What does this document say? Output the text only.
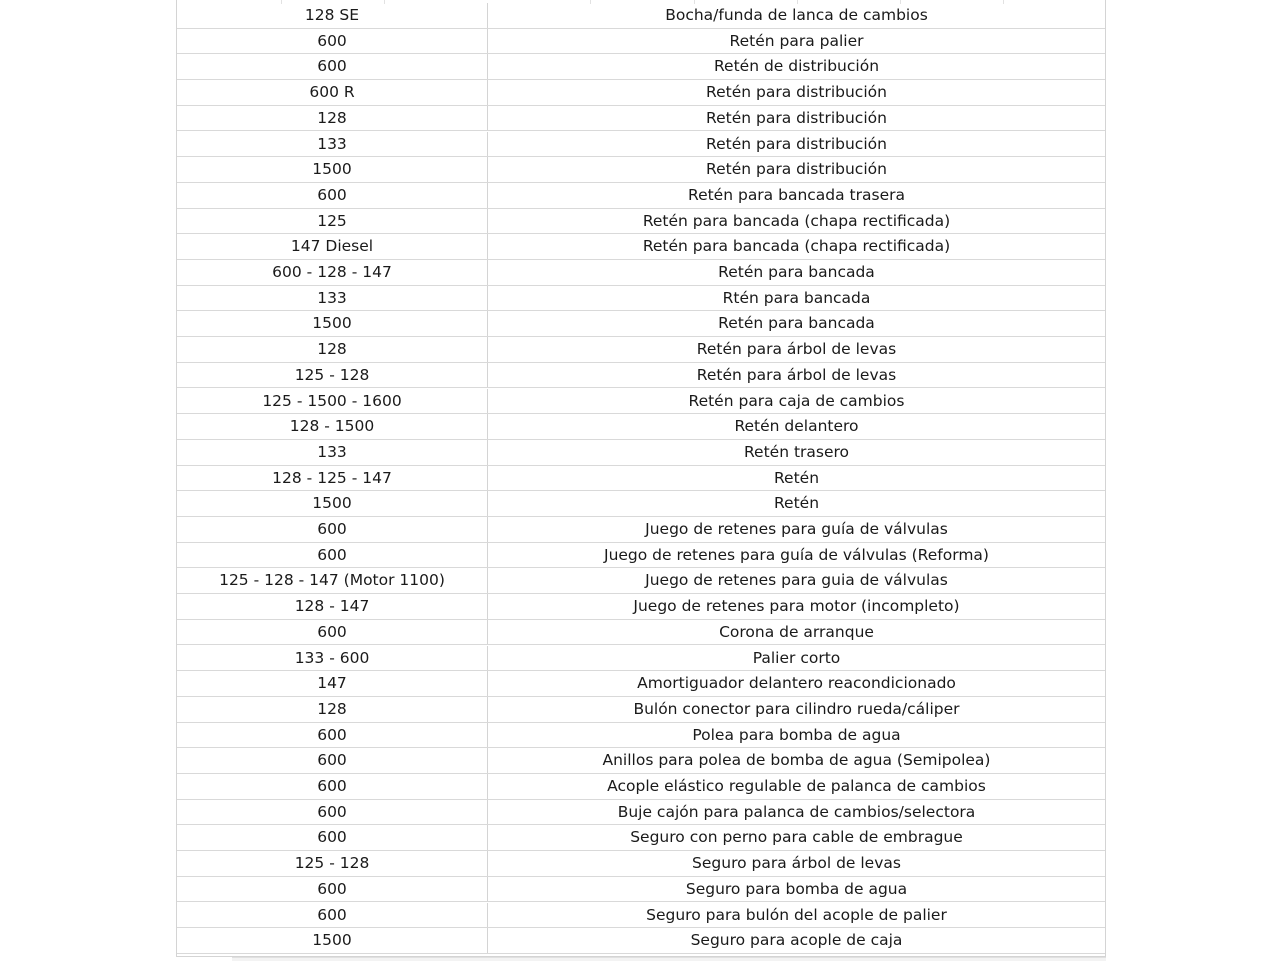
128 SE	Bocha/funda de lanca de cambios
600	Retén para palier
600	Retén de distribución
600 R	Retén para distribución
128	Retén para distribución
133	Retén para distribución
1500	Retén para distribución
600	Retén para bancada trasera
125	Retén para bancada (chapa rectificada)
147 Diesel	Retén para bancada (chapa rectificada)
600 - 128 - 147	Retén para bancada
133	Rtén para bancada
1500	Retén para bancada
128	Retén para árbol de levas
125 - 128	Retén para árbol de levas
125 - 1500 - 1600	Retén para caja de cambios
128 - 1500	Retén delantero
133	Retén trasero
128 - 125 - 147	Retén
1500	Retén
600	Juego de retenes para guía de válvulas
600	Juego de retenes para guía de válvulas (Reforma)
125 - 128 - 147 (Motor 1100)	Juego de retenes para guia de válvulas
128 - 147	Juego de retenes para motor (incompleto)
600	Corona de arranque
133 - 600	Palier corto
147	Amortiguador delantero reacondicionado
128	Bulón conector para cilindro rueda/cáliper
600	Polea para bomba de agua
600	Anillos para polea de bomba de agua (Semipolea)
600	Acople elástico regulable de palanca de cambios
600	Buje cajón para palanca de cambios/selectora
600	Seguro con perno para cable de embrague
125 - 128	Seguro para árbol de levas
600	Seguro para bomba de agua
600	Seguro para bulón del acople de palier
1500	Seguro para acople de caja
